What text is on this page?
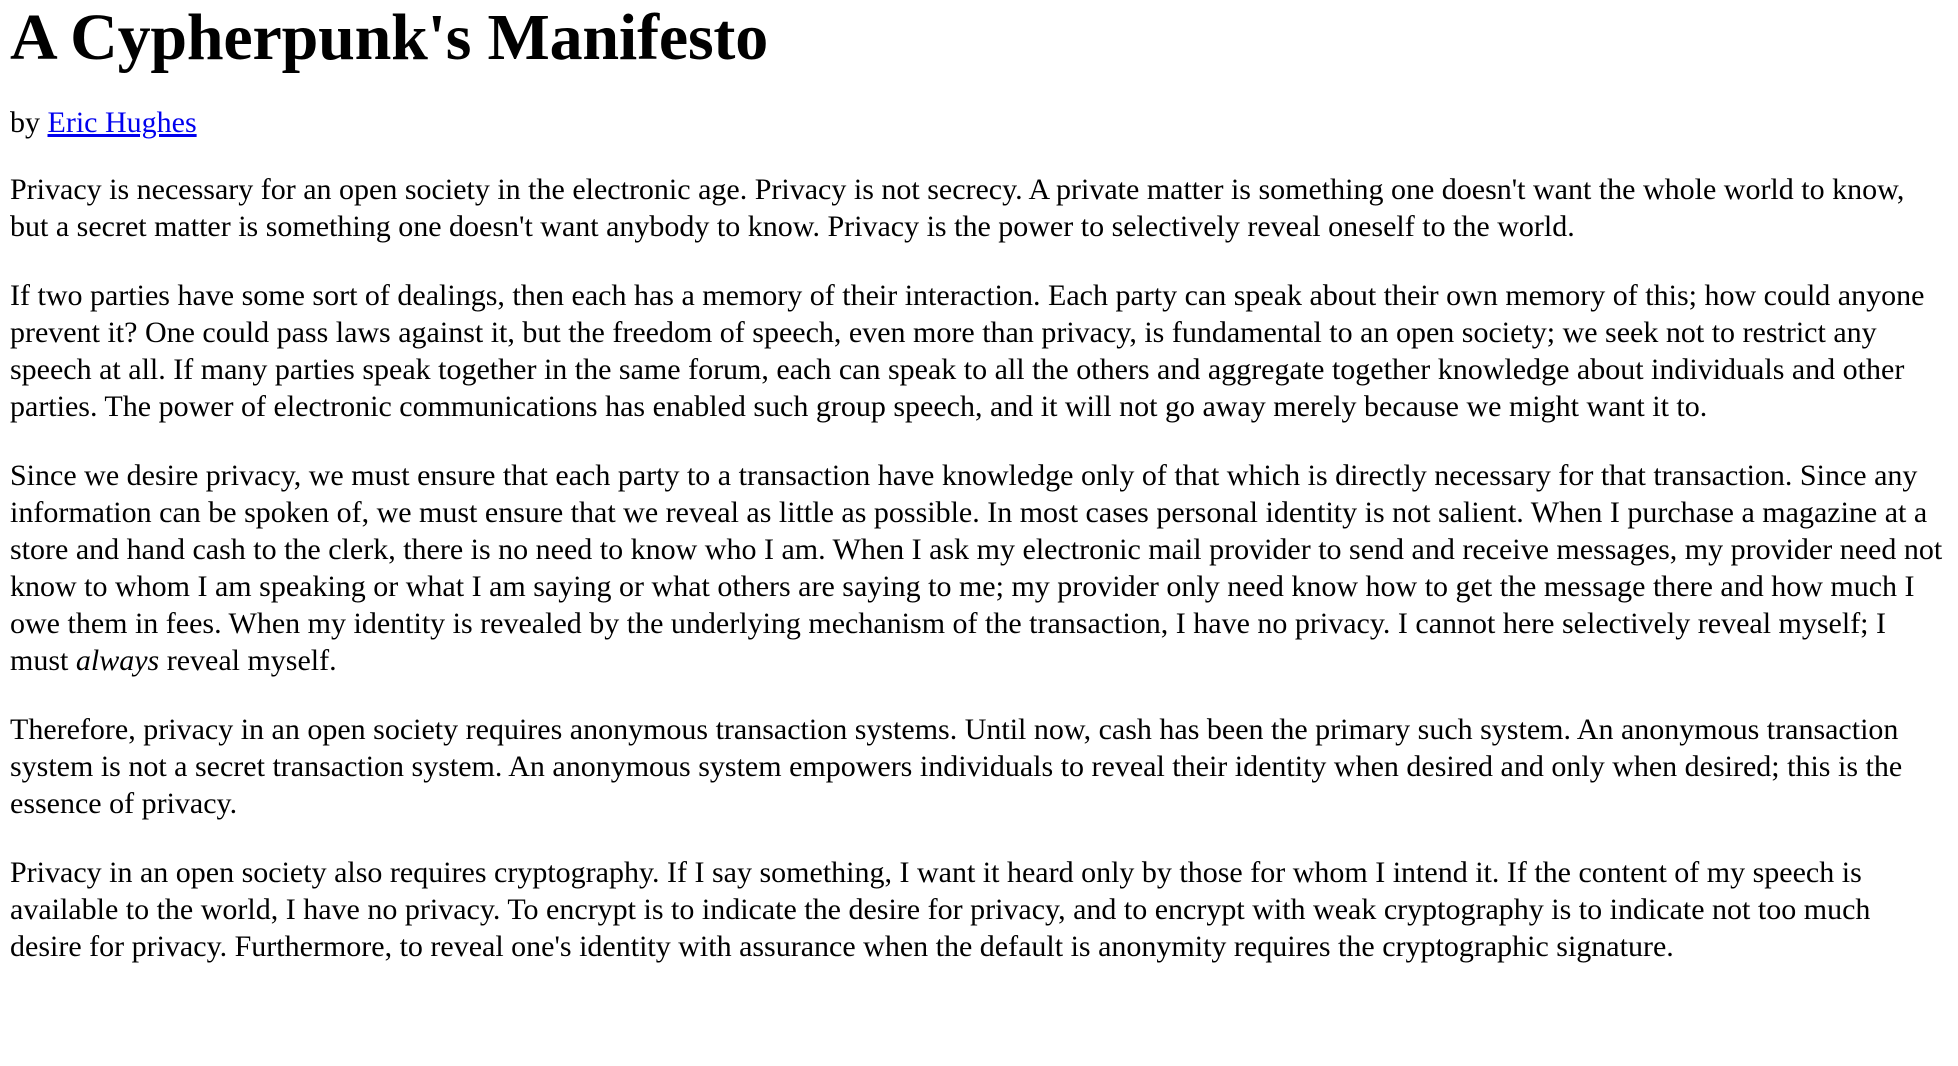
A Cypherpunk's Manifesto

by Eric Hughes

Privacy is necessary for an open society in the electronic age. Privacy is not secrecy. A private matter is something one doesn't want the whole world to know, but a secret matter is something one doesn't want anybody to know. Privacy is the power to selectively reveal oneself to the world.

If two parties have some sort of dealings, then each has a memory of their interaction. Each party can speak about their own memory of this; how could anyone prevent it? One could pass laws against it, but the freedom of speech, even more than privacy, is fundamental to an open society; we seek not to restrict any speech at all. If many parties speak together in the same forum, each can speak to all the others and aggregate together knowledge about individuals and other parties. The power of electronic communications has enabled such group speech, and it will not go away merely because we might want it to.

Since we desire privacy, we must ensure that each party to a transaction have knowledge only of that which is directly necessary for that transaction. Since any information can be spoken of, we must ensure that we reveal as little as possible. In most cases personal identity is not salient. When I purchase a magazine at a store and hand cash to the clerk, there is no need to know who I am. When I ask my electronic mail provider to send and receive messages, my provider need not know to whom I am speaking or what I am saying or what others are saying to me; my provider only need know how to get the message there and how much I owe them in fees. When my identity is revealed by the underlying mechanism of the transaction, I have no privacy. I cannot here selectively reveal myself; I must always reveal myself.

Therefore, privacy in an open society requires anonymous transaction systems. Until now, cash has been the primary such system. An anonymous transaction system is not a secret transaction system. An anonymous system empowers individuals to reveal their identity when desired and only when desired; this is the essence of privacy.

Privacy in an open society also requires cryptography. If I say something, I want it heard only by those for whom I intend it. If the content of my speech is available to the world, I have no privacy. To encrypt is to indicate the desire for privacy, and to encrypt with weak cryptography is to indicate not too much desire for privacy. Furthermore, to reveal one's identity with assurance when the default is anonymity requires the cryptographic signature.
